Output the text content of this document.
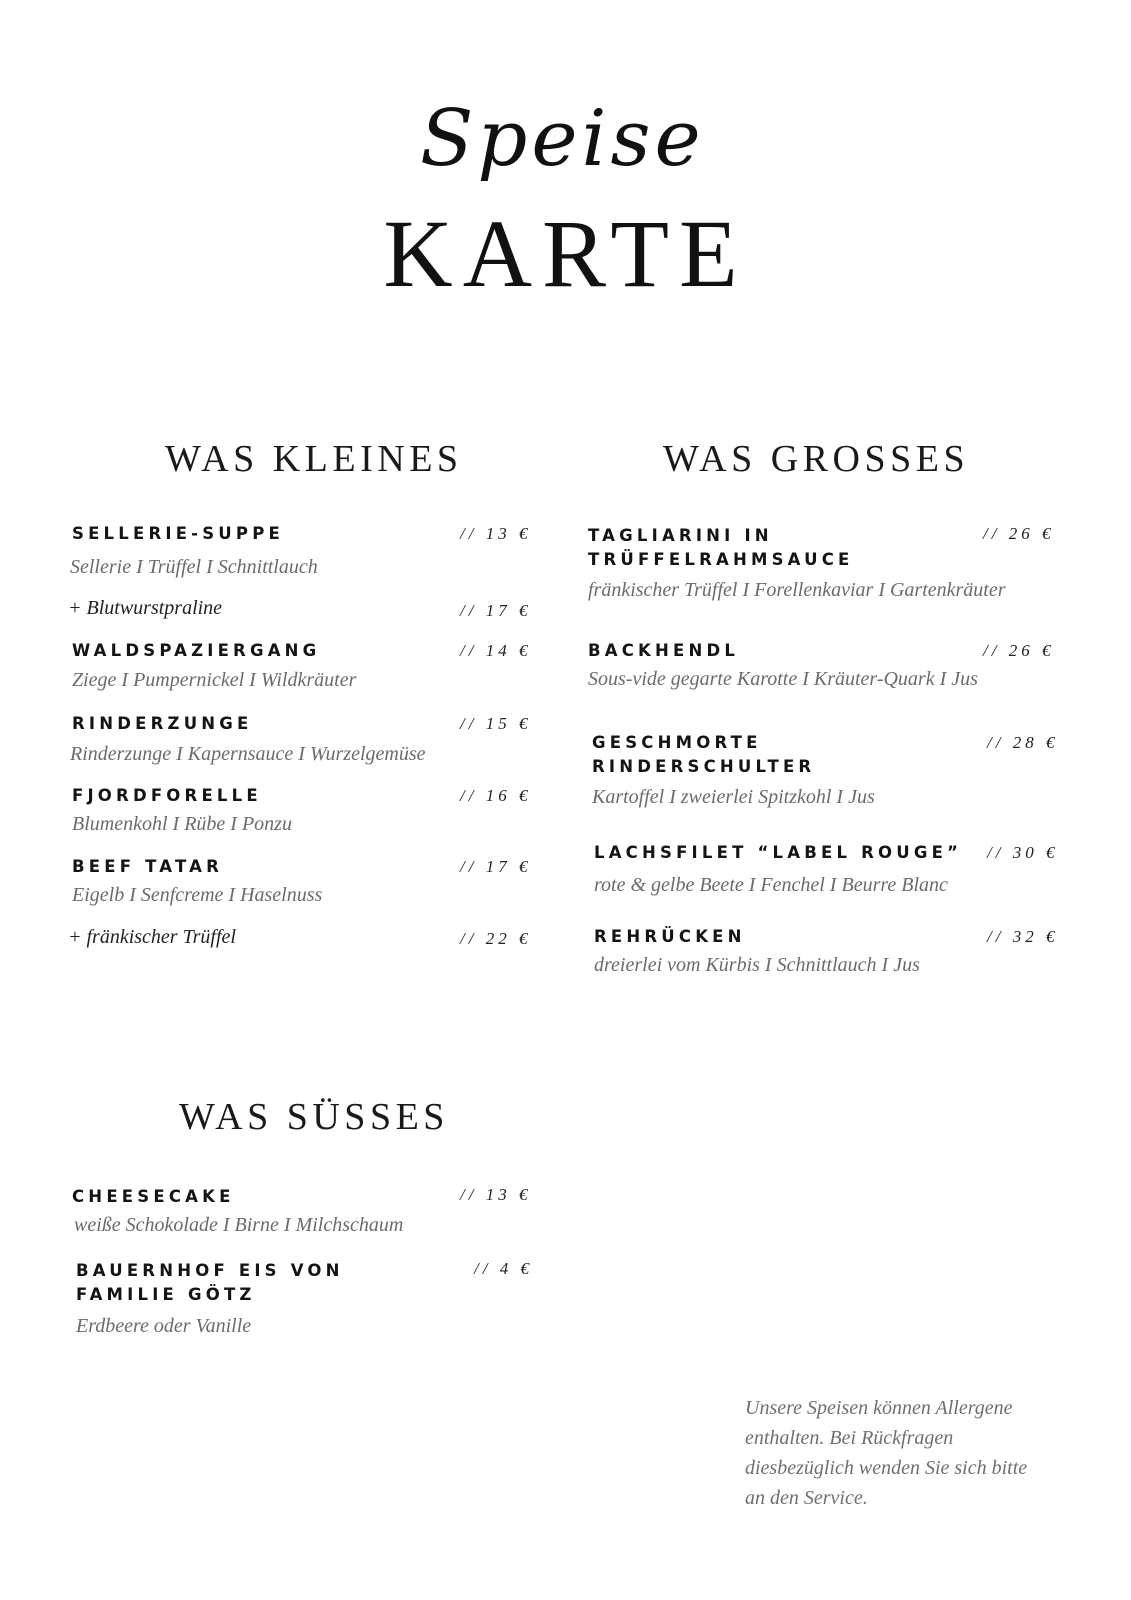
Speise
KARTE
WAS KLEINES
SELLERIE-SUPPE	// 13 €
Sellerie I Trüffel I Schnittlauch
+ Blutwurstpraline	// 17 €
WALDSPAZIERGANG	// 14 €
Ziege I Pumpernickel I Wildkräuter
RINDERZUNGE	// 15 €
Rinderzunge I Kapernsauce I Wurzelgemüse
FJORDFORELLE	// 16 €
Blumenkohl I Rübe I Ponzu
BEEF TATAR	// 17 €
Eigelb I Senfcreme I Haselnuss
+ fränkischer Trüffel	// 22 €
WAS GROSSES
TAGLIARINI IN
TRÜFFELRAHMSAUCE
// 26 €
fränkischer Trüffel I Forellenkaviar I Gartenkräuter
BACKHENDL	// 26 €
Sous-vide gegarte Karotte I Kräuter-Quark I Jus
GESCHMORTE
RINDERSCHULTER
// 28 €
Kartoffel I zweierlei Spitzkohl I Jus
LACHSFILET “LABEL ROUGE” // 30 €
rote & gelbe Beete I Fenchel I Beurre Blanc
REHRÜCKEN	// 32 €
dreierlei vom Kürbis I Schnittlauch I Jus
WAS SÜSSES
CHEESECAKE	// 13 €
weiße Schokolade I Birne I Milchschaum
BAUERNHOF EIS VON
FAMILIE GÖTZ
// 4 €
Erdbeere oder Vanille
Unsere Speisen können Allergene
enthalten. Bei Rückfragen
diesbezüglich wenden Sie sich bitte
an den Service.
